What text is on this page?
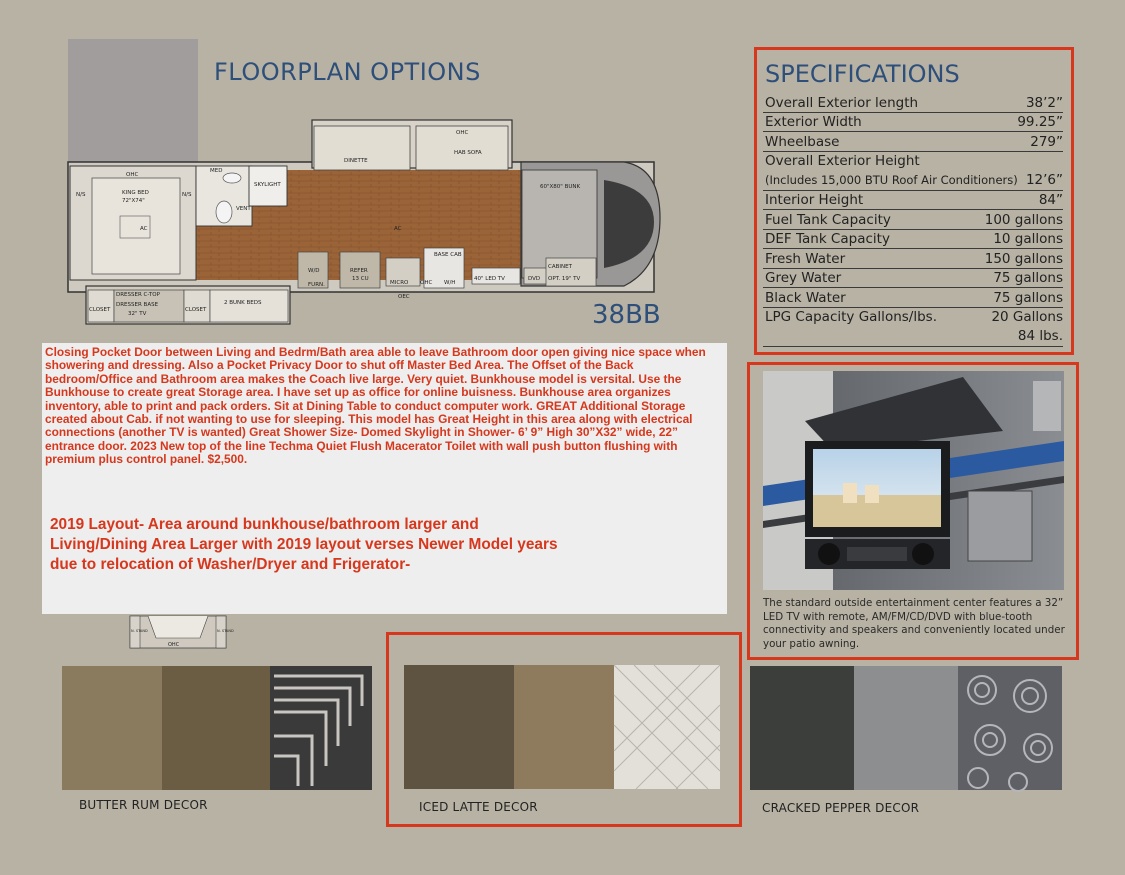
FLOORPLAN OPTIONS
OHC
DINETTE
OHC
HAB SOFA
KING BED
72"X74"
AC
N/S	N/S
MED
SKYLIGHT
VENT
AC
60"X80" BUNK
W/D
FURN.
REFER
13 CU
MICRO OHC
BASE CAB
W/H
40" LED TV	DVD
CABINET
OPT. 19" TV
OEC
DRESSER C-TOP
DRESSER BASE
32" TV
CLOSET	CLOSET
2 BUNK BEDS	38BB
OHC
N. STAND	N. STAND
SPECIFICATIONS
Overall Exterior length	38’2”
Exterior Width	99.25”
Wheelbase	279”
Overall Exterior Height
(Includes 15,000 BTU Roof Air Conditioners) 12’6”
Interior Height	84”
Fuel Tank Capacity	100 gallons
DEF Tank Capacity	10 gallons
Fresh Water	150 gallons
Grey Water	75 gallons
Black Water	75 gallons
LPG Capacity Gallons/lbs.	20 Gallons
84 lbs.
Closing Pocket Door between Living and Bedrm/Bath area able to leave Bathroom door open giving nice space when showering and dressing. Also a Pocket Privacy Door to shut off Master Bed Area. The Offset of the Back bedroom/Office and Bathroom area makes the Coach live large. Very quiet. Bunkhouse model is versital. Use the Bunkhouse to create great Storage area. I have set up as office for online buisness. Bunkhouse area organizes inventory, able to print and pack orders. Sit at Dining Table to conduct computer work. GREAT Additional Storage created about Cab. if not wanting to use for sleeping. This model has Great Height in this area along with electrical connections (another TV is wanted) Great Shower Size- Domed Skylight in Shower- 6’ 9” High 30”X32” wide, 22” entrance door. 2023 New top of the line Techma Quiet Flush Macerator Toilet with wall push button flushing with premium plus control panel. $2,500.
2019 Layout- Area around bunkhouse/bathroom larger and Living/Dining Area Larger with 2019 layout verses Newer Model years due to relocation of Washer/Dryer and Frigerator-
The standard outside entertainment center features a 32” LED TV with remote, AM/FM/CD/DVD with blue-tooth connectivity and speakers and conveniently located under your patio awning.
BUTTER RUM DECOR	ICED LATTE DECOR	CRACKED PEPPER DECOR
